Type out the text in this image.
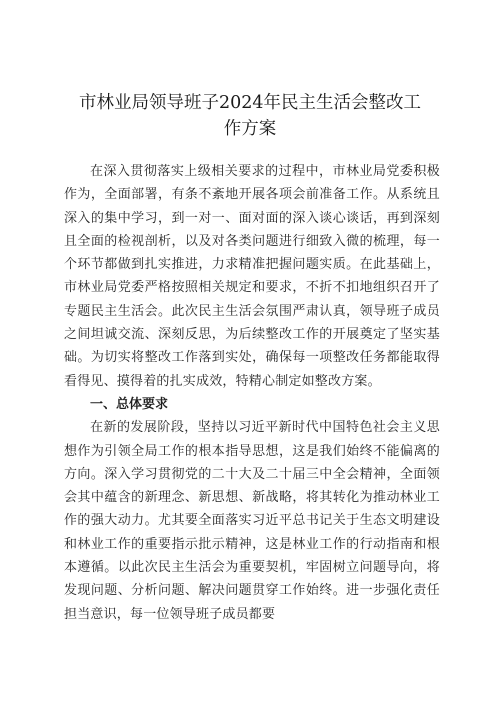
市林业局领导班子2024年民主生活会整改工
作方案

在深入贯彻落实上级相关要求的过程中，市林业局党委积极作为，全面部署，有条不紊地开展各项会前准备工作。从系统且深入的集中学习，到一对一、面对面的深入谈心谈话，再到深刻且全面的检视剖析，以及对各类问题进行细致入微的梳理，每一个环节都做到扎实推进，力求精准把握问题实质。在此基础上，市林业局党委严格按照相关规定和要求，不折不扣地组织召开了专题民主生活会。此次民主生活会氛围严肃认真，领导班子成员之间坦诚交流、深刻反思，为后续整改工作的开展奠定了坚实基础。为切实将整改工作落到实处，确保每一项整改任务都能取得看得见、摸得着的扎实成效，特精心制定如整改方案。

一、总体要求

在新的发展阶段，坚持以习近平新时代中国特色社会主义思想作为引领全局工作的根本指导思想，这是我们始终不能偏离的方向。深入学习贯彻党的二十大及二十届三中全会精神，全面领会其中蕴含的新理念、新思想、新战略，将其转化为推动林业工作的强大动力。尤其要全面落实习近平总书记关于生态文明建设和林业工作的重要指示批示精神，这是林业工作的行动指南和根本遵循。以此次民主生活会为重要契机，牢固树立问题导向，将发现问题、分析问题、解决问题贯穿工作始终。进一步强化责任担当意识，每一位领导班子成员都要
